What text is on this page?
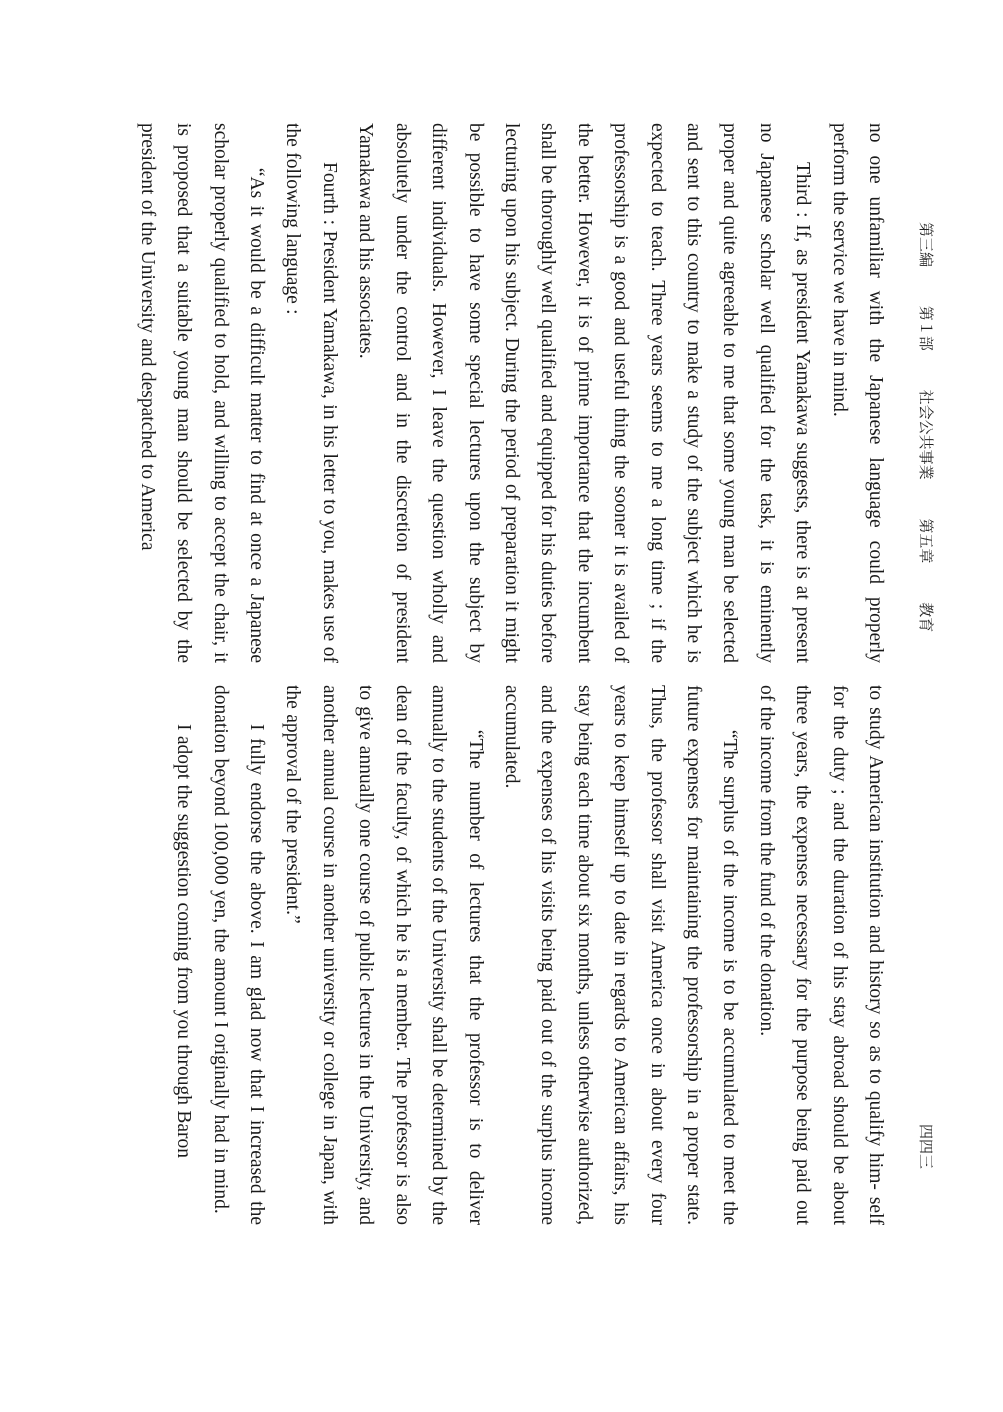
第三編 第１部 社会公共事業 第五章 教育
四四三

no one unfamiliar with the Japanese language could properly perform the service we have in mind.

Third : If, as president Yamakawa suggests, there is at present no Japanese scholar well qualified for the task, it is eminently proper and quite agreeable to me that some young man be selected and sent to this country to make a study of the subject which he is expected to teach. Three years seems to me a long time ; if the professorship is a good and useful thing the sooner it is availed of the better. However, it is of prime importance that the incumbent shall be thoroughly well qualified and equipped for his duties before lecturing upon his subject. During the period of preparation it might be possible to have some special lectures upon the subject by different individuals. However, I leave the question wholly and absolutely under the control and in the discretion of president Yamakawa and his associates.

Fourth : President Yamakawa, in his letter to you, makes use of the following language :

“As it would be a difficult matter to find at once a Japanese scholar properly qualified to hold, and willing to accept the chair, it is proposed that a suitable young man should be selected by the president of the University and despatched to America

to study American institution and history so as to qualify him- self for the duty ; and the duration of his stay abroad should be about three years, the expenses necessary for the purpose being paid out of the income from the fund of the donation.

“The surplus of the income is to be accumulated to meet the future expenses for maintaining the professorship in a proper state. Thus, the professor shall visit America once in about every four years to keep himself up to date in regards to American affairs, his stay being each time about six months, unless otherwise authorized, and the expenses of his visits being paid out of the surplus income accumulated.

“The number of lectures that the professor is to deliver annually to the students of the University shall be determined by the dean of the faculty, of which he is a member. The professor is also to give annually one course of public lectures in the University, and another annual course in another university or college in Japan, with the approval of the president.”

I fully endorse the above. I am glad now that I increased the donation beyond 100,000 yen, the amount I originally had in mind.

I adopt the suggestion coming from you through Baron
